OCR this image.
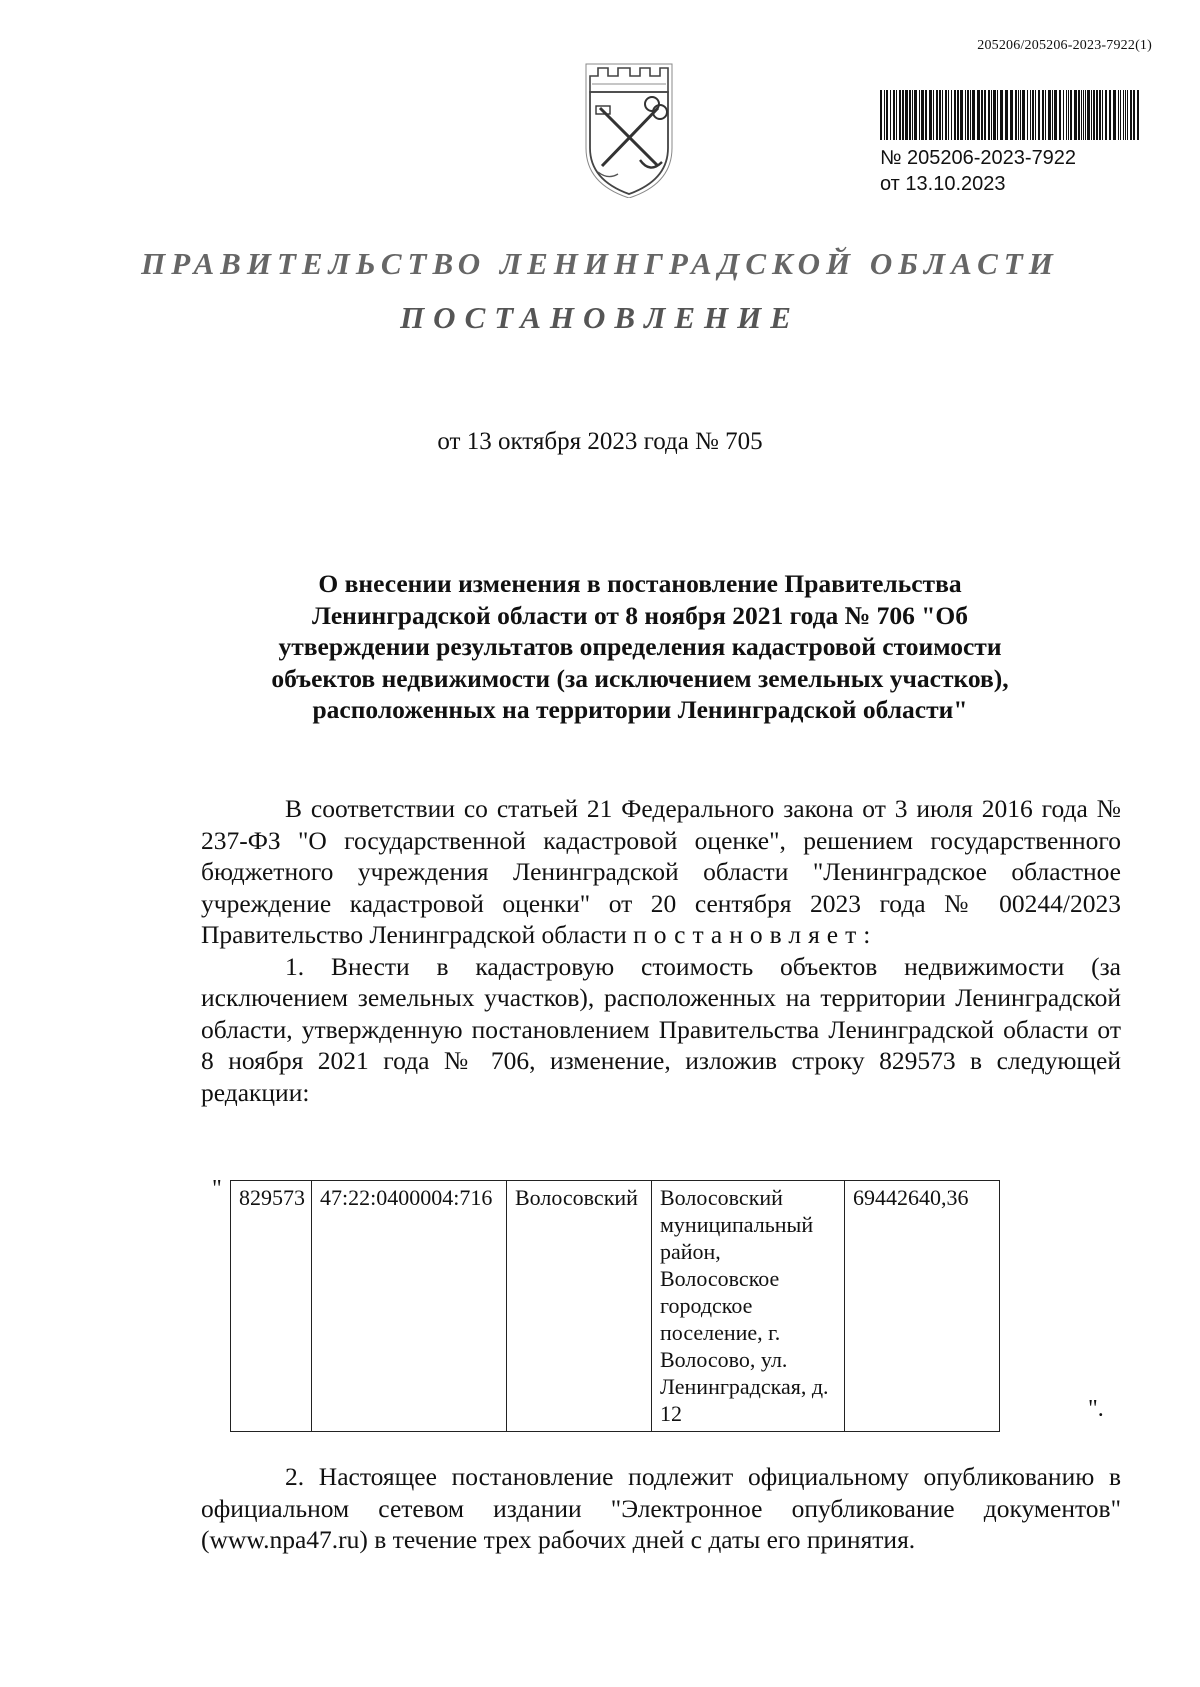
205206/205206-2023-7922(1)
№ 205206-2023-7922
от 13.10.2023
ПРАВИТЕЛЬСТВО ЛЕНИНГРАДСКОЙ ОБЛАСТИ
ПОСТАНОВЛЕНИЕ
от 13 октября 2023 года № 705
О внесении изменения в постановление Правительства Ленинградской области от 8 ноября 2021 года № 706 "Об утверждении результатов определения кадастровой стоимости объектов недвижимости (за исключением земельных участков), расположенных на территории Ленинградской области"

В соответствии со статьей 21 Федерального закона от 3 июля 2016 года № 237-ФЗ "О государственной кадастровой оценке", решением государственного бюджетного учреждения Ленинградской области "Ленинградское областное учреждение кадастровой оценки" от 20 сентября 2023 года № 00244/2023 Правительство Ленинградской области постановляет:

1. Внести в кадастровую стоимость объектов недвижимости (за исключением земельных участков), расположенных на территории Ленинградской области, утвержденную постановлением Правительства Ленинградской области от 8 ноября 2021 года № 706, изменение, изложив строку 829573 в следующей редакции:

829573	47:22:0400004:716	Волосовский	Волосовский муниципальный район, Волосовское городское поселение, г. Волосово, ул. Ленинградская, д. 12	69442640,36
"
".

2. Настоящее постановление подлежит официальному опубликованию в официальном сетевом издании "Электронное опубликование документов" (www.npa47.ru) в течение трех рабочих дней с даты его принятия.
